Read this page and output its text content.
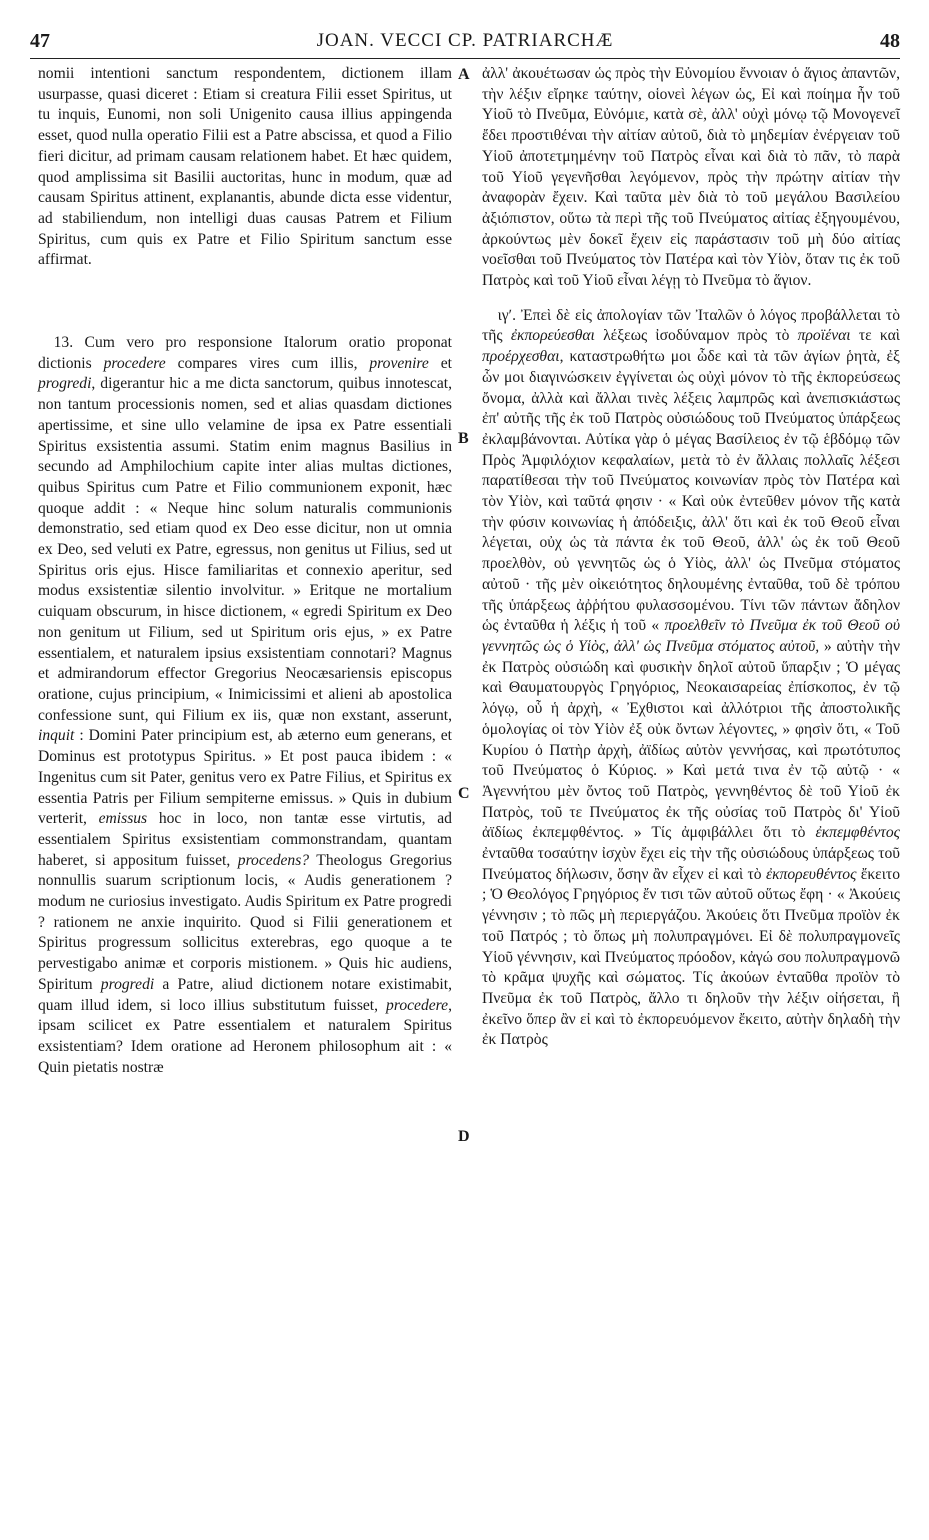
47	JOAN. VECCI CP. PATRIARCHÆ	48
A
B
C
D

nomii intentioni sanctum respondentem, dictionem illam usurpasse, quasi diceret : Etiam si creatura Filii esset Spiritus, ut tu inquis, Eunomi, non soli Unigenito causa illius appingenda esset, quod nulla operatio Filii est a Patre abscissa, et quod a Filio fieri dicitur, ad primam causam relationem habet. Et hæc quidem, quod amplissima sit Basilii auctoritas, hunc in modum, quæ ad causam Spiritus attinent, explanantis, abunde dicta esse videntur, ad stabiliendum, non intelligi duas causas Patrem et Filium Spiritus, cum quis ex Patre et Filio Spiritum sanctum esse affirmat.

 13. Cum vero pro responsione Italorum oratio proponat dictionis procedere compares vires cum illis, provenire et progredi, digerantur hic a me dicta sanctorum, quibus innotescat, non tantum processionis nomen, sed et alias quasdam dictiones apertissime, et sine ullo velamine de ipsa ex Patre essentiali Spiritus exsistentia assumi. Statim enim magnus Basilius in secundo ad Amphilochium capite inter alias multas dictiones, quibus Spiritus cum Patre et Filio communionem exponit, hæc quoque addit : « Neque hinc solum naturalis communionis demonstratio, sed etiam quod ex Deo esse dicitur, non ut omnia ex Deo, sed veluti ex Patre, egressus, non genitus ut Filius, sed ut Spiritus oris ejus. Hisce familiaritas et connexio aperitur, sed modus exsistentiæ silentio involvitur. » Eritque ne mortalium cuiquam obscurum, in hisce dictionem, « egredi Spiritum ex Deo non genitum ut Filium, sed ut Spiritum oris ejus, » ex Patre essentialem, et naturalem ipsius exsistentiam connotari? Magnus et admirandorum effector Gregorius Neocæsariensis episcopus oratione, cujus principium, « Inimicissimi et alieni ab apostolica confessione sunt, qui Filium ex iis, quæ non exstant, asserunt, inquit : Domini Pater principium est, ab æterno eum generans, et Dominus est prototypus Spiritus. » Et post pauca ibidem : « Ingenitus cum sit Pater, genitus vero ex Patre Filius, et Spiritus ex essentia Patris per Filium sempiterne emissus. » Quis in dubium verterit, emissus hoc in loco, non tantæ esse virtutis, ad essentialem Spiritus exsistentiam commonstrandam, quantam haberet, si appositum fuisset, procedens? Theologus Gregorius nonnullis suarum scriptionum locis, « Audis generationem ? modum ne curiosius investigato. Audis Spiritum ex Patre progredi ? rationem ne anxie inquirito. Quod si Filii generationem et Spiritus progressum sollicitus exterebras, ego quoque a te pervestigabo animæ et corporis mistionem. » Quis hic audiens, Spiritum progredi a Patre, aliud dictionem notare existimabit, quam illud idem, si loco illius substitutum fuisset, procedere, ipsam scilicet ex Patre essentialem et naturalem Spiritus exsistentiam? Idem oratione ad Heronem philosophum ait : « Quin pietatis nostræ

ἀλλ' ἀκουέτωσαν ὡς πρὸς τὴν Εὐνομίου ἔννοιαν ὁ ἅγιος ἀπαντῶν, τὴν λέξιν εἴρηκε ταύτην, οἱονεὶ λέγων ὡς, Εἰ καὶ ποίημα ἦν τοῦ Υἱοῦ τὸ Πνεῦμα, Εὐνόμιε, κατὰ σὲ, ἀλλ' οὐχὶ μόνῳ τῷ Μονογενεῖ ἔδει προστιθέναι τὴν αἰτίαν αὐτοῦ, διὰ τὸ μηδεμίαν ἐνέργειαν τοῦ Υἱοῦ ἀποτετμημένην τοῦ Πατρὸς εἶναι καὶ διὰ τὸ πᾶν, τὸ παρὰ τοῦ Υἱοῦ γεγενῆσθαι λεγόμενον, πρὸς τὴν πρώτην αἰτίαν τὴν ἀναφορὰν ἔχειν. Καὶ ταῦτα μὲν διὰ τὸ τοῦ μεγάλου Βασιλείου ἀξιόπιστον, οὕτω τὰ περὶ τῆς τοῦ Πνεύματος αἰτίας ἐξηγουμένου, ἀρκούντως μὲν δοκεῖ ἔχειν εἰς παράστασιν τοῦ μὴ δύο αἰτίας νοεῖσθαι τοῦ Πνεύματος τὸν Πατέρα καὶ τὸν Υἱὸν, ὅταν τις ἐκ τοῦ Πατρὸς καὶ τοῦ Υἱοῦ εἶναι λέγῃ τὸ Πνεῦμα τὸ ἅγιον.

 ιγʹ. Ἐπεὶ δὲ εἰς ἀπολογίαν τῶν Ἰταλῶν ὁ λόγος προβάλλεται τὸ τῆς ἐκπορεύεσθαι λέξεως ἰσοδύναμον πρὸς τὸ προϊέναι τε καὶ προέρχεσθαι, καταστρωθήτω μοι ὧδε καὶ τὰ τῶν ἁγίων ῥητὰ, ἐξ ὧν μοι διαγινώσκειν ἐγγίνεται ὡς οὐχὶ μόνον τὸ τῆς ἐκπορεύσεως ὄνομα, ἀλλὰ καὶ ἄλλαι τινὲς λέξεις λαμπρῶς καὶ ἀνεπισκιάστως ἐπ' αὐτῆς τῆς ἐκ τοῦ Πατρὸς οὐσιώδους τοῦ Πνεύματος ὑπάρξεως ἐκλαμβάνονται. Αὐτίκα γὰρ ὁ μέγας Βασίλειος ἐν τῷ ἑβδόμῳ τῶν Πρὸς Ἀμφιλόχιον κεφαλαίων, μετὰ τὸ ἐν ἄλλαις πολλαῖς λέξεσι παρατίθεσαι τὴν τοῦ Πνεύματος κοινωνίαν πρὸς τὸν Πατέρα καὶ τὸν Υἱὸν, καὶ ταῦτά φησιν · « Καὶ οὐκ ἐντεῦθεν μόνον τῆς κατὰ τὴν φύσιν κοινωνίας ἡ ἀπόδειξις, ἀλλ' ὅτι καὶ ἐκ τοῦ Θεοῦ εἶναι λέγεται, οὐχ ὡς τὰ πάντα ἐκ τοῦ Θεοῦ, ἀλλ' ὡς ἐκ τοῦ Θεοῦ προελθὸν, οὐ γεννητῶς ὡς ὁ Υἱὸς, ἀλλ' ὡς Πνεῦμα στόματος αὐτοῦ · τῆς μὲν οἰκειότητος δηλουμένης ἐνταῦθα, τοῦ δὲ τρόπου τῆς ὑπάρξεως ἀῤῥήτου φυλασσομένου. Τίνι τῶν πάντων ἄδηλον ὡς ἐνταῦθα ἡ λέξις ἡ τοῦ « προελθεῖν τὸ Πνεῦμα ἐκ τοῦ Θεοῦ οὐ γεννητῶς ὡς ὁ Υἱὸς, ἀλλ' ὡς Πνεῦμα στόματος αὐτοῦ, » αὐτὴν τὴν ἐκ Πατρὸς οὐσιώδη καὶ φυσικὴν δηλοῖ αὐτοῦ ὕπαρξιν ; Ὁ μέγας καὶ Θαυματουργὸς Γρηγόριος, Νεοκαισαρείας ἐπίσκοπος, ἐν τῷ λόγῳ, οὗ ἡ ἀρχὴ, « Ἐχθιστοι καὶ ἀλλότριοι τῆς ἀποστολικῆς ὁμολογίας οἱ τὸν Υἱὸν ἐξ οὐκ ὄντων λέγοντες, » φησὶν ὅτι, « Τοῦ Κυρίου ὁ Πατὴρ ἀρχὴ, ἀϊδίως αὐτὸν γεννήσας, καὶ πρωτότυπος τοῦ Πνεύματος ὁ Κύριος. » Καὶ μετά τινα ἐν τῷ αὐτῷ · « Ἀγεννήτου μὲν ὄντος τοῦ Πατρὸς, γεννηθέντος δὲ τοῦ Υἱοῦ ἐκ Πατρὸς, τοῦ τε Πνεύματος ἐκ τῆς οὐσίας τοῦ Πατρὸς δι' Υἱοῦ ἀϊδίως ἐκπεμφθέντος. » Τίς ἀμφιβάλλει ὅτι τὸ ἐκπεμφθέντος ἐνταῦθα τοσαύτην ἰσχὺν ἔχει εἰς τὴν τῆς οὐσιώδους ὑπάρξεως τοῦ Πνεύματος δήλωσιν, ὅσην ἂν εἶχεν εἰ καὶ τὸ ἐκπορευθέντος ἔκειτο ; Ὁ Θεολόγος Γρηγόριος ἔν τισι τῶν αὐτοῦ οὕτως ἔφη · « Ἀκούεις γέννησιν ; τὸ πῶς μὴ περιεργάζου. Ἀκούεις ὅτι Πνεῦμα προϊὸν ἐκ τοῦ Πατρός ; τὸ ὅπως μὴ πολυπραγμόνει. Εἰ δὲ πολυπραγμονεῖς Υἱοῦ γέννησιν, καὶ Πνεύματος πρόοδον, κἀγώ σου πολυπραγμονῶ τὸ κρᾶμα ψυχῆς καὶ σώματος. Τίς ἀκούων ἐνταῦθα προϊὸν τὸ Πνεῦμα ἐκ τοῦ Πατρὸς, ἄλλο τι δηλοῦν τὴν λέξιν οἰήσεται, ἢ ἐκεῖνο ὅπερ ἂν εἰ καὶ τὸ ἐκπορευόμενον ἔκειτο, αὐτὴν δηλαδὴ τὴν ἐκ Πατρὸς
